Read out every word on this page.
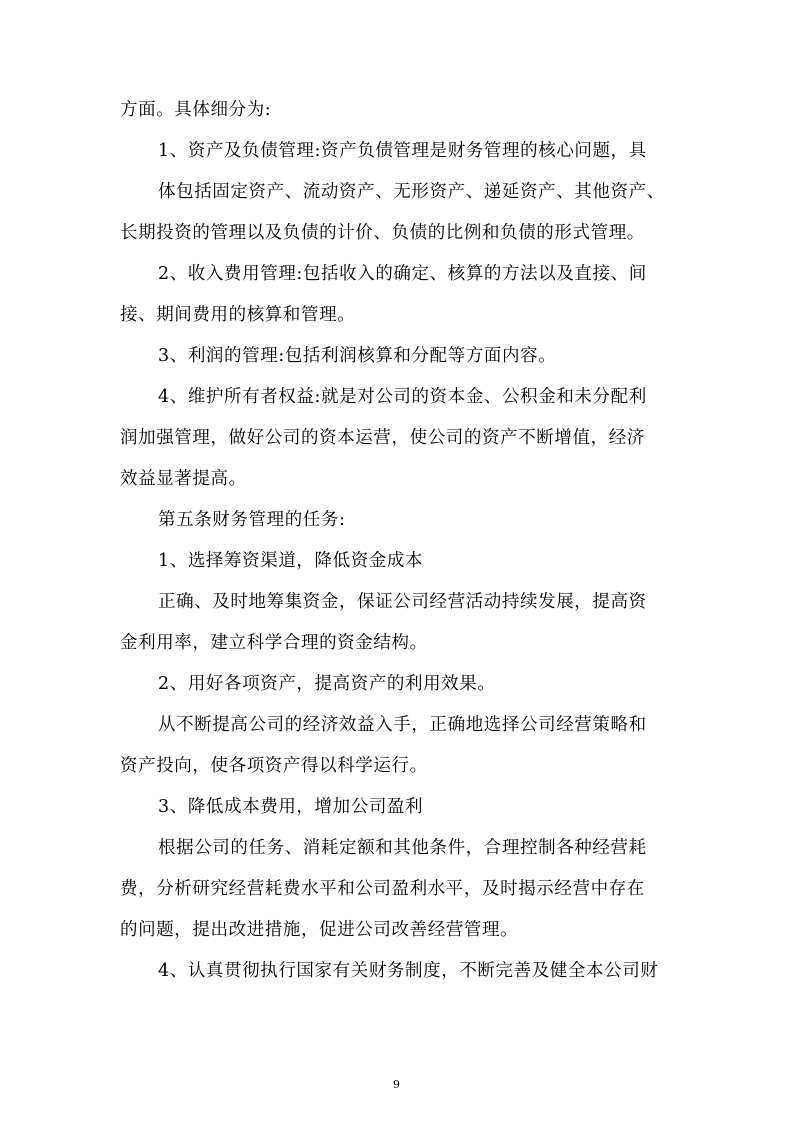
方面。具体细分为:
1、资产及负债管理:资产负债管理是财务管理的核心问题，具
体包括固定资产、流动资产、无形资产、递延资产、其他资产、
长期投资的管理以及负债的计价、负债的比例和负债的形式管理。
2、收入费用管理:包括收入的确定、核算的方法以及直接、间
接、期间费用的核算和管理。
3、利润的管理:包括利润核算和分配等方面内容。
4、维护所有者权益:就是对公司的资本金、公积金和未分配利
润加强管理，做好公司的资本运营，使公司的资产不断增值，经济
效益显著提高。
第五条财务管理的任务:
1、选择筹资渠道，降低资金成本
正确、及时地筹集资金，保证公司经营活动持续发展，提高资
金利用率，建立科学合理的资金结构。
2、用好各项资产，提高资产的利用效果。
从不断提高公司的经济效益入手，正确地选择公司经营策略和
资产投向，使各项资产得以科学运行。
3、降低成本费用，增加公司盈利
根据公司的任务、消耗定额和其他条件，合理控制各种经营耗
费，分析研究经营耗费水平和公司盈利水平，及时揭示经营中存在
的问题，提出改进措施，促进公司改善经营管理。
4、认真贯彻执行国家有关财务制度，不断完善及健全本公司财
9
